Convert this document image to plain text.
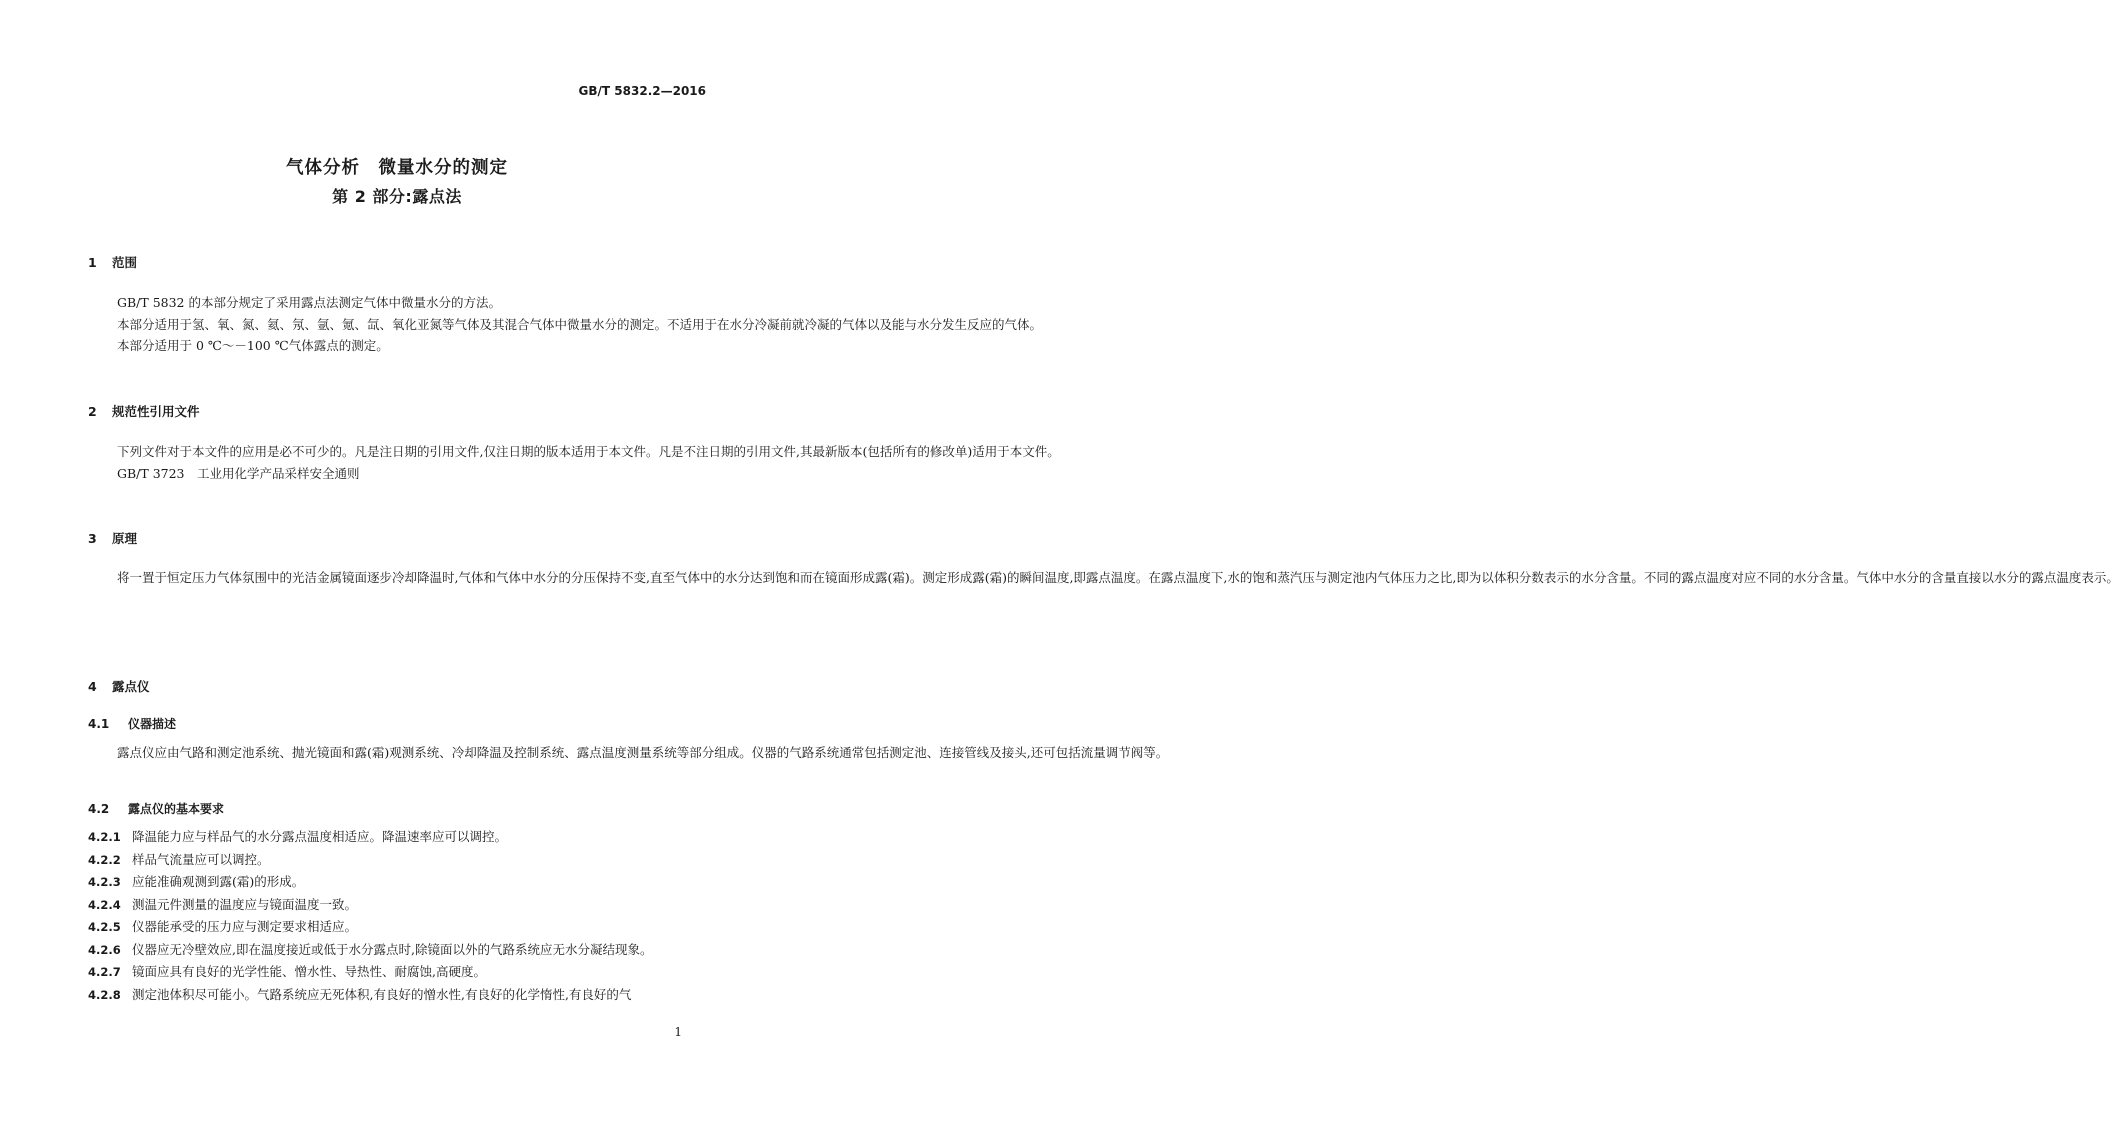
GB/T 5832.2—2016
气体分析　微量水分的测定
第 2 部分:露点法
1 范围

GB/T 5832 的本部分规定了采用露点法测定气体中微量水分的方法。

本部分适用于氢、氧、氮、氦、氖、氩、氪、氙、氧化亚氮等气体及其混合气体中微量水分的测定。不适用于在水分冷凝前就冷凝的气体以及能与水分发生反应的气体。

本部分适用于 0 ℃～－100 ℃气体露点的测定。

2 规范性引用文件

下列文件对于本文件的应用是必不可少的。凡是注日期的引用文件,仅注日期的版本适用于本文件。凡是不注日期的引用文件,其最新版本(包括所有的修改单)适用于本文件。

GB/T 3723　工业用化学产品采样安全通则

3 原理

将一置于恒定压力气体氛围中的光洁金属镜面逐步冷却降温时,气体和气体中水分的分压保持不变,直至气体中的水分达到饱和而在镜面形成露(霜)。测定形成露(霜)的瞬间温度,即露点温度。在露点温度下,水的饱和蒸汽压与测定池内气体压力之比,即为以体积分数表示的水分含量。不同的露点温度对应不同的水分含量。气体中水分的含量直接以水分的露点温度表示。

4 露点仪
4.1 仪器描述

露点仪应由气路和测定池系统、抛光镜面和露(霜)观测系统、冷却降温及控制系统、露点温度测量系统等部分组成。仪器的气路系统通常包括测定池、连接管线及接头,还可包括流量调节阀等。

4.2 露点仪的基本要求
4.2.1 降温能力应与样品气的水分露点温度相适应。降温速率应可以调控。
4.2.2 样品气流量应可以调控。
4.2.3 应能准确观测到露(霜)的形成。
4.2.4 测温元件测量的温度应与镜面温度一致。
4.2.5 仪器能承受的压力应与测定要求相适应。
4.2.6 仪器应无冷壁效应,即在温度接近或低于水分露点时,除镜面以外的气路系统应无水分凝结现象。
4.2.7 镜面应具有良好的光学性能、憎水性、导热性、耐腐蚀,高硬度。
4.2.8 测定池体积尽可能小。气路系统应无死体积,有良好的憎水性,有良好的化学惰性,有良好的气
1
